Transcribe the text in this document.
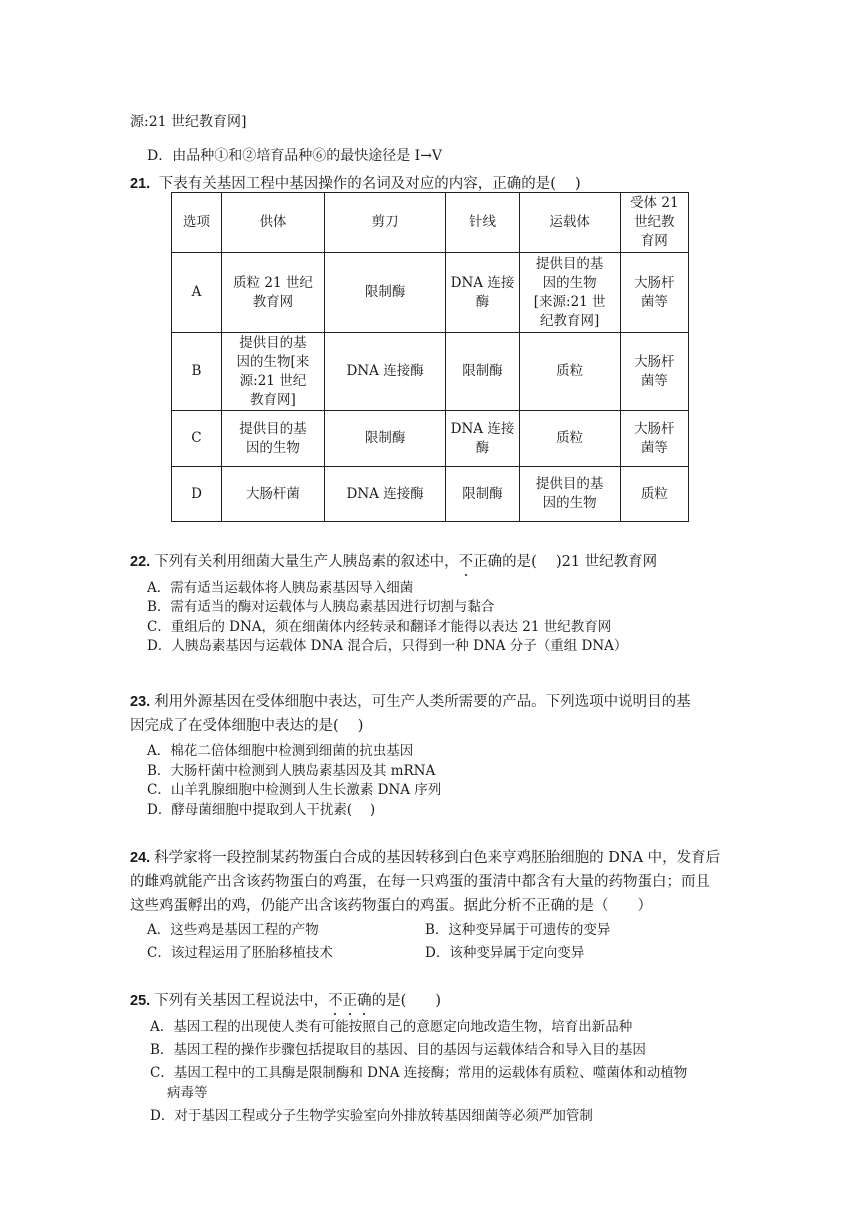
源:21 世纪教育网]
D．由品种①和②培育品种⑥的最快途径是 Ⅰ→Ⅴ
21. 下表有关基因工程中基因操作的名词及对应的内容，正确的是(　 )
选项	供体	剪刀	针线	运载体	受体 21
世纪教
育网
A	质粒 21 世纪
教育网	限制酶	DNA 连接
酶	提供目的基
因的生物
[来源:21 世
纪教育网]	大肠杆
菌等
B	提供目的基
因的生物[来
源:21 世纪
教育网]	DNA 连接酶	限制酶	质粒	大肠杆
菌等
C	提供目的基
因的生物	限制酶	DNA 连接
酶	质粒	大肠杆
菌等
D	大肠杆菌	DNA 连接酶	限制酶	提供目的基
因的生物	质粒
22. 下列有关利用细菌大量生产人胰岛素的叙述中，不正确的是(　 )21 世纪教育网
A．需有适当运载体将人胰岛素基因导入细菌
B．需有适当的酶对运载体与人胰岛素基因进行切割与黏合
C．重组后的 DNA，须在细菌体内经转录和翻译才能得以表达 21 世纪教育网
D．人胰岛素基因与运载体 DNA 混合后，只得到一种 DNA 分子（重组 DNA）
23. 利用外源基因在受体细胞中表达，可生产人类所需要的产品。下列选项中说明目的基
因完成了在受体细胞中表达的是(　 )
A．棉花二倍体细胞中检测到细菌的抗虫基因
B．大肠杆菌中检测到人胰岛素基因及其 mRNA
C．山羊乳腺细胞中检测到人生长激素 DNA 序列
D．酵母菌细胞中提取到人干扰素(　 )
24. 科学家将一段控制某药物蛋白合成的基因转移到白色来亨鸡胚胎细胞的 DNA 中，发育后
的雌鸡就能产出含该药物蛋白的鸡蛋，在每一只鸡蛋的蛋清中都含有大量的药物蛋白；而且
这些鸡蛋孵出的鸡，仍能产出含该药物蛋白的鸡蛋。据此分析不正确的是（　　）
A．这些鸡是基因工程的产物	B．这种变异属于可遗传的变异
C．该过程运用了胚胎移植技术	D．该种变异属于定向变异
25. 下列有关基因工程说法中，不正确的是(　　)
A．基因工程的出现使人类有可能按照自己的意愿定向地改造生物，培育出新品种
B．基因工程的操作步骤包括提取目的基因、目的基因与运载体结合和导入目的基因
C．基因工程中的工具酶是限制酶和 DNA 连接酶；常用的运载体有质粒、噬菌体和动植物
病毒等
D．对于基因工程或分子生物学实验室向外排放转基因细菌等必须严加管制
